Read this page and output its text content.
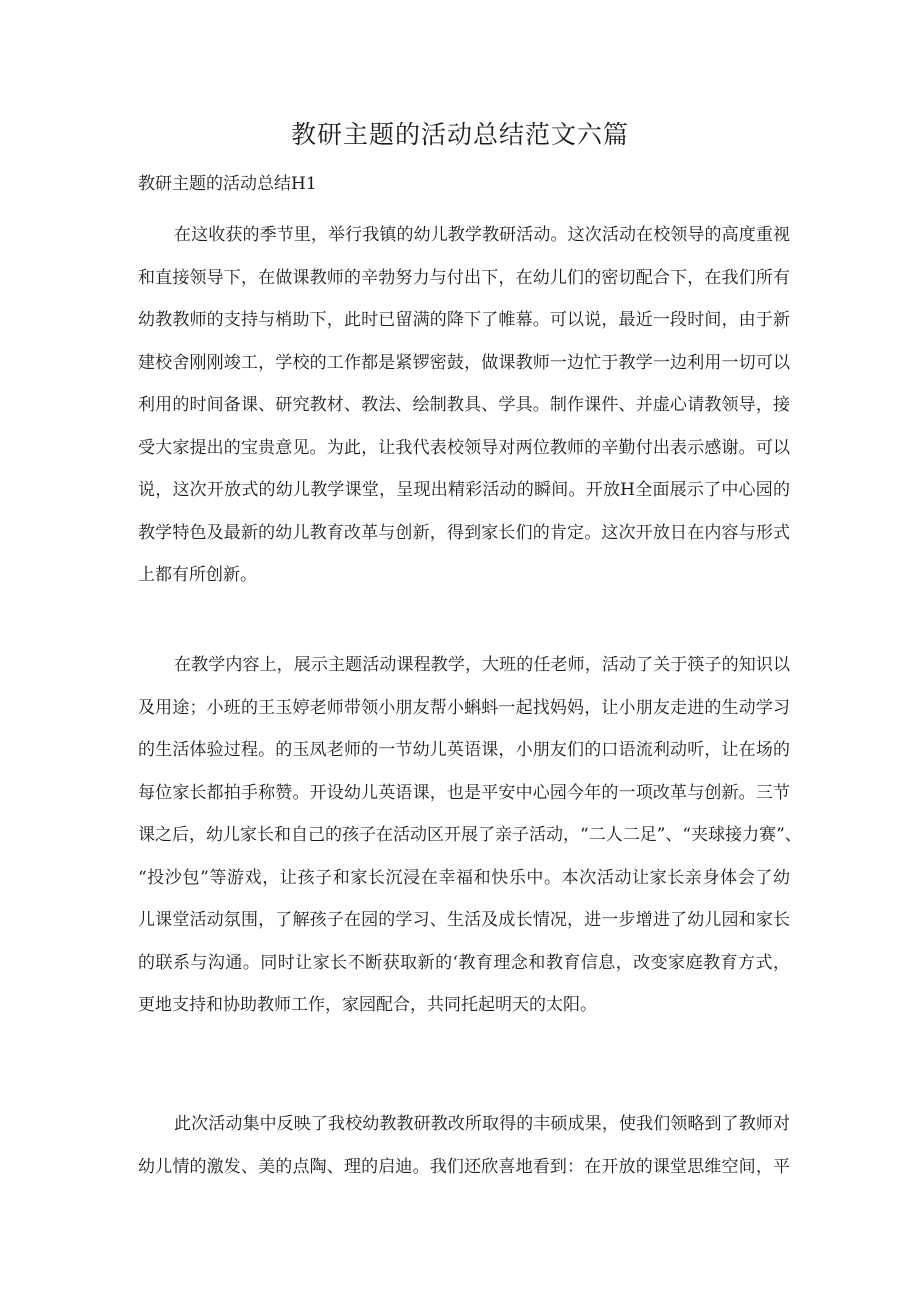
教研主题的活动总结范文六篇
教研主题的活动总结H1
在这收获的季节里，举行我镇的幼儿教学教研活动。这次活动在校领导的高度重视
和直接领导下，在做课教师的辛勃努力与付出下，在幼儿们的密切配合下，在我们所有
幼教教师的支持与梢助下，此时已留满的降下了帷幕。可以说，最近一段时间，由于新
建校舍刚刚竣工，学校的工作都是紧锣密鼓，做课教师一边忙于教学一边利用一切可以
利用的时间备课、研究教材、教法、绘制教具、学具。制作课件、并虚心请教领导，接
受大家提出的宝贵意见。为此，让我代表校领导对两位教师的辛勤付出表示感谢。可以
说，这次开放式的幼儿教学课堂，呈现出精彩活动的瞬间。开放H全面展示了中心园的
教学特色及最新的幼儿教育改革与创新，得到家长们的肯定。这次开放日在内容与形式
上都有所创新。
在教学内容上，展示主题活动课程教学，大班的任老师，活动了关于筷子的知识以
及用途；小班的王玉婷老师带领小朋友帮小蝌蚪一起找妈妈，让小朋友走进的生动学习
的生活体验过程。的玉凤老师的一节幼儿英语课，小朋友们的口语流利动听，让在场的
每位家长都拍手称赞。开设幼儿英语课，也是平安中心园今年的一项改革与创新。三节
课之后，幼儿家长和自己的孩子在活动区开展了亲子活动，“二人二足”、“夹球接力赛”、
“投沙包”等游戏，让孩子和家长沉浸在幸福和快乐中。本次活动让家长亲身体会了幼
儿课堂活动氛围，了解孩子在园的学习、生活及成长情况，进一步增进了幼儿园和家长
的联系与沟通。同时让家长不断获取新的‘教育理念和教育信息，改变家庭教育方式，
更地支持和协助教师工作，家园配合，共同托起明天的太阳。
此次活动集中反映了我校幼教教研教改所取得的丰硕成果，使我们领略到了教师对
幼儿情的激发、美的点陶、理的启迪。我们还欣喜地看到：在开放的课堂思维空间，平
